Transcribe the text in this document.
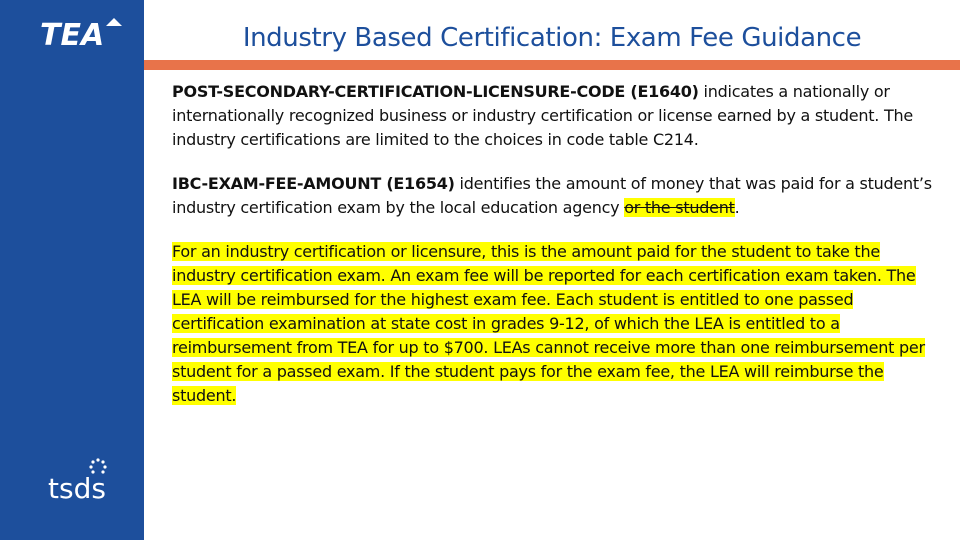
TEA
tsds
Industry Based Certification: Exam Fee Guidance

POST-SECONDARY-CERTIFICATION-LICENSURE-CODE (E1640) indicates a nationally or internationally recognized business or industry certification or license earned by a student. The industry certifications are limited to the choices in code table C214.

IBC-EXAM-FEE-AMOUNT (E1654) identifies the amount of money that was paid for a student’s industry certification exam by the local education agency or the student.

For an industry certification or licensure, this is the amount paid for the student to take the industry certification exam. An exam fee will be reported for each certification exam taken. The LEA will be reimbursed for the highest exam fee. Each student is entitled to one passed certification examination at state cost in grades 9-12, of which the LEA is entitled to a reimbursement from TEA for up to $700. LEAs cannot receive more than one reimbursement per student for a passed exam. If the student pays for the exam fee, the LEA will reimburse the student.
